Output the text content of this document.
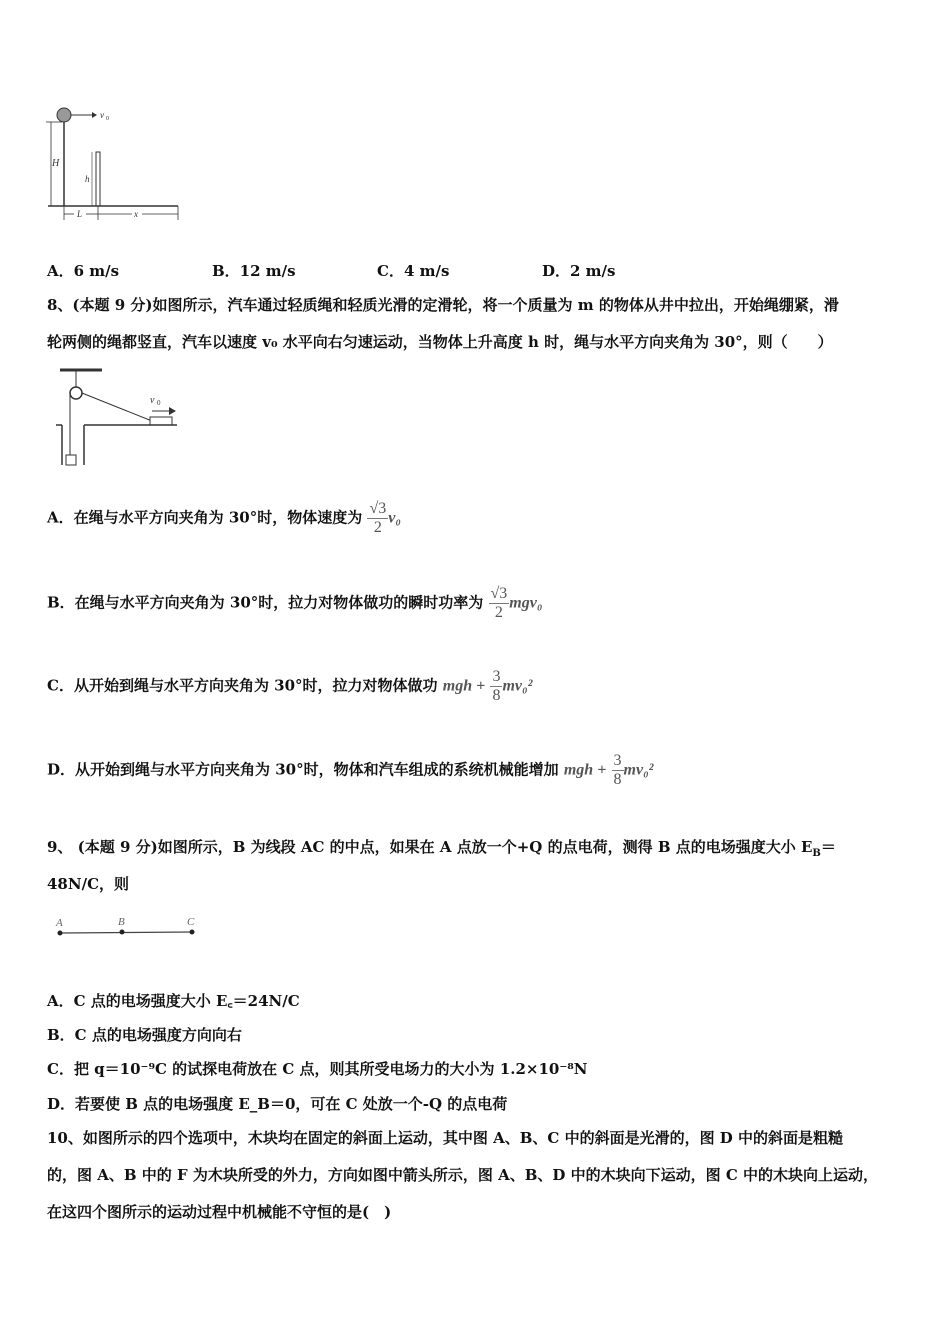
v 0
H
h
L	x
A．6 m/s	B．12 m/s	C．4 m/s	D．2 m/s
8、(本题 9 分)如图所示，汽车通过轻质绳和轻质光滑的定滑轮，将一个质量为 m 的物体从井中拉出，开始绳绷紧，滑
轮两侧的绳都竖直，汽车以速度 v₀ 水平向右匀速运动，当物体上升高度 h 时，绳与水平方向夹角为 30°，则（　　）
v 0
A．在绳与水平方向夹角为 30°时，物体速度为 $\frac{√3}{2} v_0$
B．在绳与水平方向夹角为 30°时，拉力对物体做功的瞬时功率为 $\frac{√3}{2} mgv_0$
C．从开始到绳与水平方向夹角为 30°时，拉力对物体做功 mgh + $\frac{3}{8} mv_0^2$
D．从开始到绳与水平方向夹角为 30°时，物体和汽车组成的系统机械能增加 mgh + $\frac{3}{8} mv_0^2$
9、 (本题 9 分)如图所示，B 为线段 AC 的中点，如果在 A 点放一个+Q 的点电荷，测得 B 点的电场强度大小 $E_B=$
48N/C，则
A	B	C
A．C 点的电场强度大小 E꜀＝24N/C
B．C 点的电场强度方向向右
C．把 q＝10⁻⁹C 的试探电荷放在 C 点，则其所受电场力的大小为 1.2×10⁻⁸N
D．若要使 B 点的电场强度 E_B＝0，可在 C 处放一个-Q 的点电荷
10、如图所示的四个选项中，木块均在固定的斜面上运动，其中图 A、B、C 中的斜面是光滑的，图 D 中的斜面是粗糙
的，图 A、B 中的 F 为木块所受的外力，方向如图中箭头所示，图 A、B、D 中的木块向下运动，图 C 中的木块向上运动，
在这四个图所示的运动过程中机械能不守恒的是(　)
